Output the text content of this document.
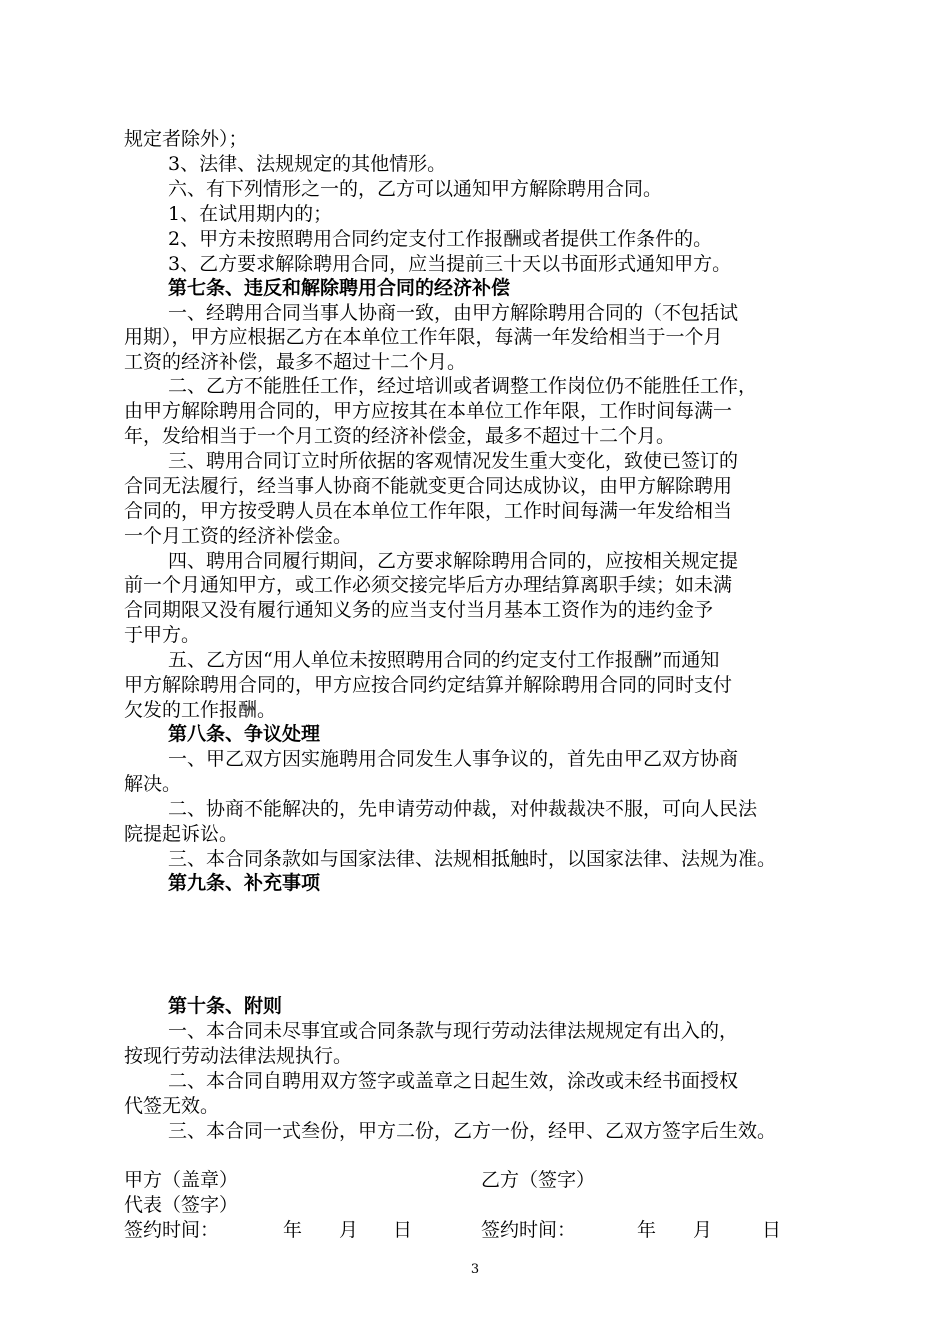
规定者除外）；
3、法律、法规规定的其他情形。
六、有下列情形之一的，乙方可以通知甲方解除聘用合同。
1、在试用期内的；
2、甲方未按照聘用合同约定支付工作报酬或者提供工作条件的。
3、乙方要求解除聘用合同，应当提前三十天以书面形式通知甲方。
第七条、违反和解除聘用合同的经济补偿
一、经聘用合同当事人协商一致，由甲方解除聘用合同的（不包括试
用期），甲方应根据乙方在本单位工作年限，每满一年发给相当于一个月
工资的经济补偿，最多不超过十二个月。
二、乙方不能胜任工作，经过培训或者调整工作岗位仍不能胜任工作，
由甲方解除聘用合同的，甲方应按其在本单位工作年限，工作时间每满一
年，发给相当于一个月工资的经济补偿金，最多不超过十二个月。
三、聘用合同订立时所依据的客观情况发生重大变化，致使已签订的
合同无法履行，经当事人协商不能就变更合同达成协议，由甲方解除聘用
合同的，甲方按受聘人员在本单位工作年限，工作时间每满一年发给相当
一个月工资的经济补偿金。
四、聘用合同履行期间，乙方要求解除聘用合同的，应按相关规定提
前一个月通知甲方，或工作必须交接完毕后方办理结算离职手续；如未满
合同期限又没有履行通知义务的应当支付当月基本工资作为的违约金予
于甲方。
五、乙方因“用人单位未按照聘用合同的约定支付工作报酬”而通知
甲方解除聘用合同的，甲方应按合同约定结算并解除聘用合同的同时支付
欠发的工作报酬。
第八条、争议处理
一、甲乙双方因实施聘用合同发生人事争议的，首先由甲乙双方协商
解决。
二、协商不能解决的，先申请劳动仲裁，对仲裁裁决不服，可向人民法
院提起诉讼。
三、本合同条款如与国家法律、法规相抵触时，以国家法律、法规为准。
第九条、补充事项
第十条、附则
一、本合同未尽事宜或合同条款与现行劳动法律法规规定有出入的，
按现行劳动法律法规执行。
二、本合同自聘用双方签字或盖章之日起生效，涂改或未经书面授权
代签无效。
三、本合同一式叁份，甲方二份，乙方一份，经甲、乙双方签字后生效。
甲方（盖章）	乙方（签字）
代表（签字）
签约时间：	年 月 日	签约时间：	年 月	日
3
